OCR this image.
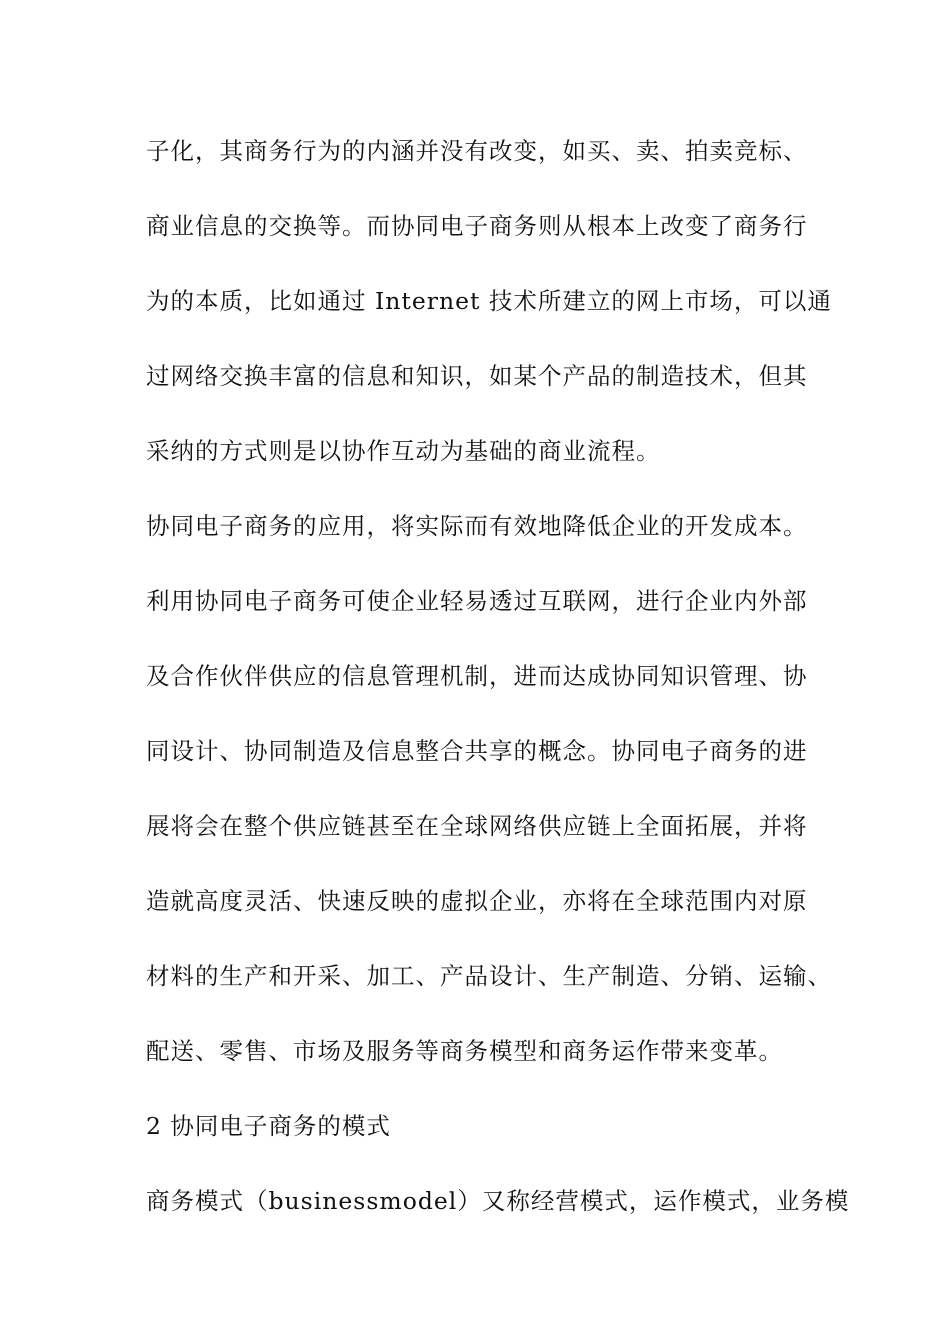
子化，其商务行为的内涵并没有改变，如买、卖、拍卖竞标、
商业信息的交换等。而协同电子商务则从根本上改变了商务行
为的本质，比如通过 Internet 技术所建立的网上市场，可以通
过网络交换丰富的信息和知识，如某个产品的制造技术，但其
采纳的方式则是以协作互动为基础的商业流程。
协同电子商务的应用，将实际而有效地降低企业的开发成本。
利用协同电子商务可使企业轻易透过互联网，进行企业内外部
及合作伙伴供应的信息管理机制，进而达成协同知识管理、协
同设计、协同制造及信息整合共享的概念。协同电子商务的进
展将会在整个供应链甚至在全球网络供应链上全面拓展，并将
造就高度灵活、快速反映的虚拟企业，亦将在全球范围内对原
材料的生产和开采、加工、产品设计、生产制造、分销、运输、
配送、零售、市场及服务等商务模型和商务运作带来变革。
2 协同电子商务的模式
商务模式（businessmodel）又称经营模式，运作模式，业务模
